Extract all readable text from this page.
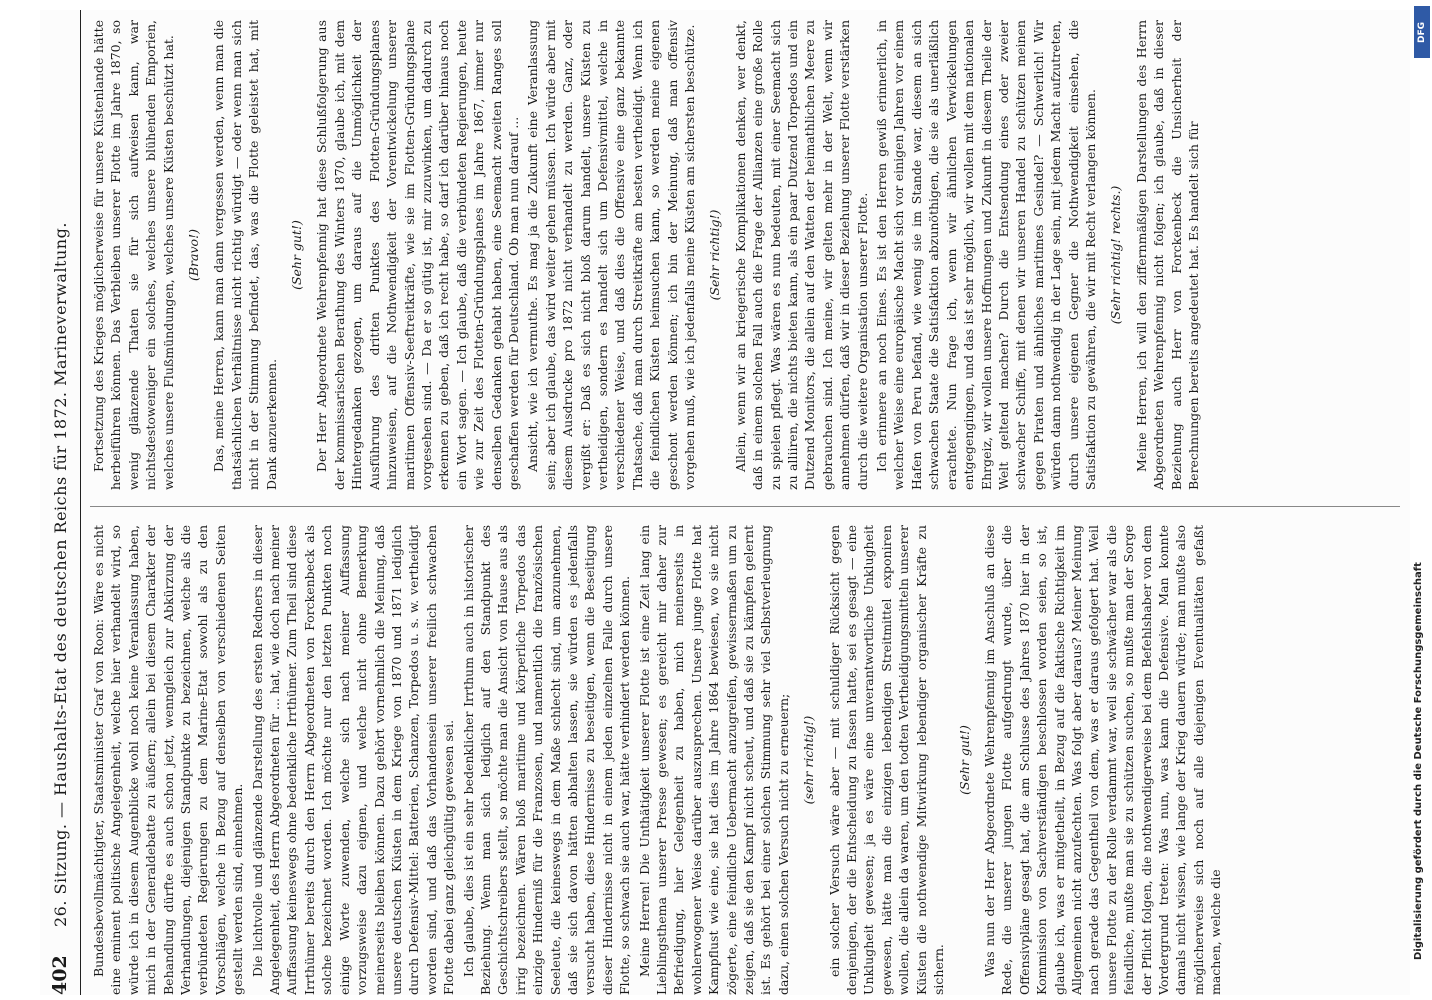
402
26. Sitzung. — Haushalts-Etat des deutschen Reichs für 1872. Marineverwaltung. Bundesbevollmächtigter, Staatsminister Graf von Roon: Wäre es nicht eine eminent politische Angelegenheit, welche hier verhandelt wird, so würde ich in diesem Augenblicke wohl noch keine Veranlassung haben, mich in der Generaldebatte zu äußern; allein bei diesem Charakter der Behandlung dürfte es auch schon jetzt, wenngleich zur Abkürzung der Verhandlungen, diejenigen Standpunkte zu bezeichnen, welche als die verbündeten Regierungen zu dem Marine-Etat sowohl als zu den Vorschlägen, welche in Bezug auf denselben von verschiedenen Seiten gestellt werden sind, einnehmen. Die lichtvolle und glänzende Darstellung des ersten Redners in dieser Angelegenheit, des Herrn Abgeordneten für ... hat, wie doch nach meiner Auffassung keineswegs ohne bedenkliche Irrthümer. Zum Theil sind diese Irrthümer bereits durch den Herrn Abgeordneten von Forckenbeck als solche bezeichnet worden. Ich möchte nur den letzten Punkten noch einige Worte zuwenden, welche sich nach meiner Auffassung vorzugsweise dazu eignen, und welche nicht ohne Bemerkung meinerseits bleiben können. Dazu gehört vornehmlich die Meinung, daß unsere deutschen Küsten in dem Kriege von 1870 und 1871 lediglich durch Defensiv-Mittel: Batterien, Schanzen, Torpedos u. s. w. vertheidigt worden sind, und daß das Vorhandensein unserer freilich schwachen Flotte dabei ganz gleichgültig gewesen sei. Ich glaube, dies ist ein sehr bedenklicher Irrthum auch in historischer Beziehung. Wenn man sich lediglich auf den Standpunkt des Geschichtschreibers stellt, so möchte man die Ansicht von Hause aus als irrig bezeichnen. Wären bloß maritime und körperliche Torpedos das einzige Hinderniß für die Franzosen, und namentlich die französischen Seeleute, die keineswegs in dem Maße schlecht sind, um anzunehmen, daß sie sich davon hätten abhalten lassen, sie würden es jedenfalls versucht haben, diese Hindernisse zu beseitigen, wenn die Beseitigung dieser Hindernisse nicht in einem jeden einzelnen Falle durch unsere Flotte, so schwach sie auch war, hätte verhindert werden können. Meine Herren! Die Unthätigkeit unserer Flotte ist eine Zeit lang ein Lieblingsthema unserer Presse gewesen; es gereicht mir daher zur Befriedigung, hier Gelegenheit zu haben, mich meinerseits in wohlerwogener Weise darüber auszusprechen. Unsere junge Flotte hat Kampflust wie eine, sie hat dies im Jahre 1864 bewiesen, wo sie nicht zögerte, eine feindliche Uebermacht anzugreifen, gewissermaßen um zu zeigen, daß sie den Kampf nicht scheut, und daß sie zu kämpfen gelernt ist. Es gehört bei einer solchen Stimmung sehr viel Selbstverleugnung dazu, einen solchen Versuch nicht zu erneuern; (sehr richtig!) ein solcher Versuch wäre aber — mit schuldiger Rücksicht gegen denjenigen, der die Entscheidung zu fassen hatte, sei es gesagt — eine Unklugheit gewesen; ja es wäre eine unverantwortliche Unklugheit gewesen, hätte man die einzigen lebendigen Streitmittel exponiren wollen, die allein da waren, um den todten Vertheidigungsmitteln unserer Küsten die nothwendige Mitwirkung lebendiger organischer Kräfte zu sichern.

(Sehr gut!) Was nun der Herr Abgeordnete Wehrenpfennig im Anschluß an diese Rede, die unserer jungen Flotte aufgedrungt wurde, über die Offensivpläne gesagt hat, die am Schlusse des Jahres 1870 hier in der Kommission von Sachverständigen beschlossen worden seien, so ist, glaube ich, was er mitgetheilt, in Bezug auf die faktische Richtigkeit im Allgemeinen nicht anzufechten. Was folgt aber daraus? Meiner Meinung nach gerade das Gegentheil von dem, was er daraus gefolgert hat. Weil unsere Flotte zu der Rolle verdammt war, weil sie schwächer war als die feindliche, mußte man sie zu schützen suchen, so mußte man der Sorge der Pflicht folgen, die nothwendigerweise bei dem Befehlshaber von dem Vordergrund treten: Was nun, was kann die Defensive. Man konnte damals nicht wissen, wie lange der Krieg dauern würde; man mußte also möglicherweise sich noch auf alle diejenigen Eventualitäten gefaßt machen, welche die

Fortsetzung des Krieges möglicherweise für unsere Küstenlande hätte herbeiführen können. Das Verbleiben unserer Flotte im Jahre 1870, so wenig glänzende Thaten sie für sich aufweisen kann, war nichtsdestoweniger ein solches, welches unsere blühenden Emporien, welches unsere Flußmündungen, welches unsere Küsten beschützt hat. (Bravo!) Das, meine Herren, kann man dann vergessen werden, wenn man die thatsächlichen Verhältnisse nicht richtig würdigt — oder wenn man sich nicht in der Stimmung befindet, das, was die Flotte geleistet hat, mit Dank anzuerkennen.

(Sehr gut!) Der Herr Abgeordnete Wehrenpfennig hat diese Schlußfolgerung aus der kommissarischen Berathung des Winters 1870, glaube ich, mit dem Hintergedanken gezogen, um daraus auf die Unmöglichkeit der Ausführung des dritten Punktes des Flotten-Gründungsplanes hinzuweisen, auf die Nothwendigkeit der Vorentwickelung unserer maritimen Offensiv-Seeftreitkräfte, wie sie im Flotten-Gründungsplane vorgesehen sind. — Da er so gütig ist, mir zuzuwinken, um dadurch zu erkennen zu geben, daß ich recht habe, so darf ich darüber hinaus noch ein Wort sagen. — Ich glaube, daß die verbündeten Regierungen, heute wie zur Zeit des Flotten-Gründungsplanes im Jahre 1867, immer nur denselben Gedanken gehabt haben, eine Seemacht zweiten Ranges soll geschaffen werden für Deutschland. Ob man nun darauf ... Ansicht, wie ich vermuthe. Es mag ja die Zukunft eine Veranlassung sein; aber ich glaube, das wird weiter gehen müssen. Ich würde aber mit diesem Ausdrucke pro 1872 nicht verhandelt zu werden. Ganz, oder vergißt er: Daß es sich nicht bloß darum handelt, unsere Küsten zu vertheidigen, sondern es handelt sich um Defensivmittel, welche in verschiedener Weise, und daß dies die Offensive eine ganz bekannte Thatsache, daß man durch Streitkräfte am besten vertheidigt. Wenn ich die feindlichen Küsten heimsuchen kann, so werden meine eigenen geschont werden können; ich bin der Meinung, daß man offensiv vorgehen muß, wie ich jedenfalls meine Küsten am sichersten beschütze. (Sehr richtig!) Allein, wenn wir an kriegerische Komplikationen denken, wer denkt, daß in einem solchen Fall auch die Frage der Allianzen eine große Rolle zu spielen pflegt. Was wären es nun bedeuten, mit einer Seemacht sich zu alliiren, die nichts bieten kann, als ein paar Dutzend Torpedos und ein Dutzend Monitors, die allein auf den Watten der heimathlichen Meere zu gebrauchen sind. Ich meine, wir gelten mehr in der Welt, wenn wir annehmen dürfen, daß wir in dieser Beziehung unserer Flotte verstärken durch die weitere Organisation unserer Flotte. Ich erinnere an noch Eines. Es ist den Herren gewiß erinnerlich, in welcher Weise eine europäische Macht sich vor einigen Jahren vor einem Hafen von Peru befand, wie wenig sie im Stande war, diesem an sich schwachen Staate die Satisfaktion abzunöthigen, die sie als unerläßlich erachtete. Nun frage ich, wenn wir ähnlichen Verwickelungen entgegengingen, und das ist sehr möglich, wir wollen mit dem nationalen Ehrgeiz, wir wollen unsere Hoffnungen und Zukunft in diesem Theile der Welt geltend machen? Durch die Entsendung eines oder zweier schwacher Schiffe, mit denen wir unseren Handel zu schützen meinen gegen Piraten und ähnliches maritimes Gesindel? — Schwerlich! Wir würden dann nothwendig in der Lage sein, mit jedem Macht aufzutreten, durch unsere eigenen Gegner die Nothwendigkeit einsehen, die Satisfaktion zu gewähren, die wir mit Recht verlangen können. (Sehr richtig! rechts.) Meine Herren, ich will den ziffernmäßigen Darstellungen des Herrn Abgeordneten Wehrenpfennig nicht folgen; ich glaube, daß in dieser Beziehung auch Herr von Forckenbeck die Unsicherheit der Berechnungen bereits angedeutet hat. Es handelt sich für

DFG
Digitalisierung gefördert durch die Deutsche Forschungsgemeinschaft
